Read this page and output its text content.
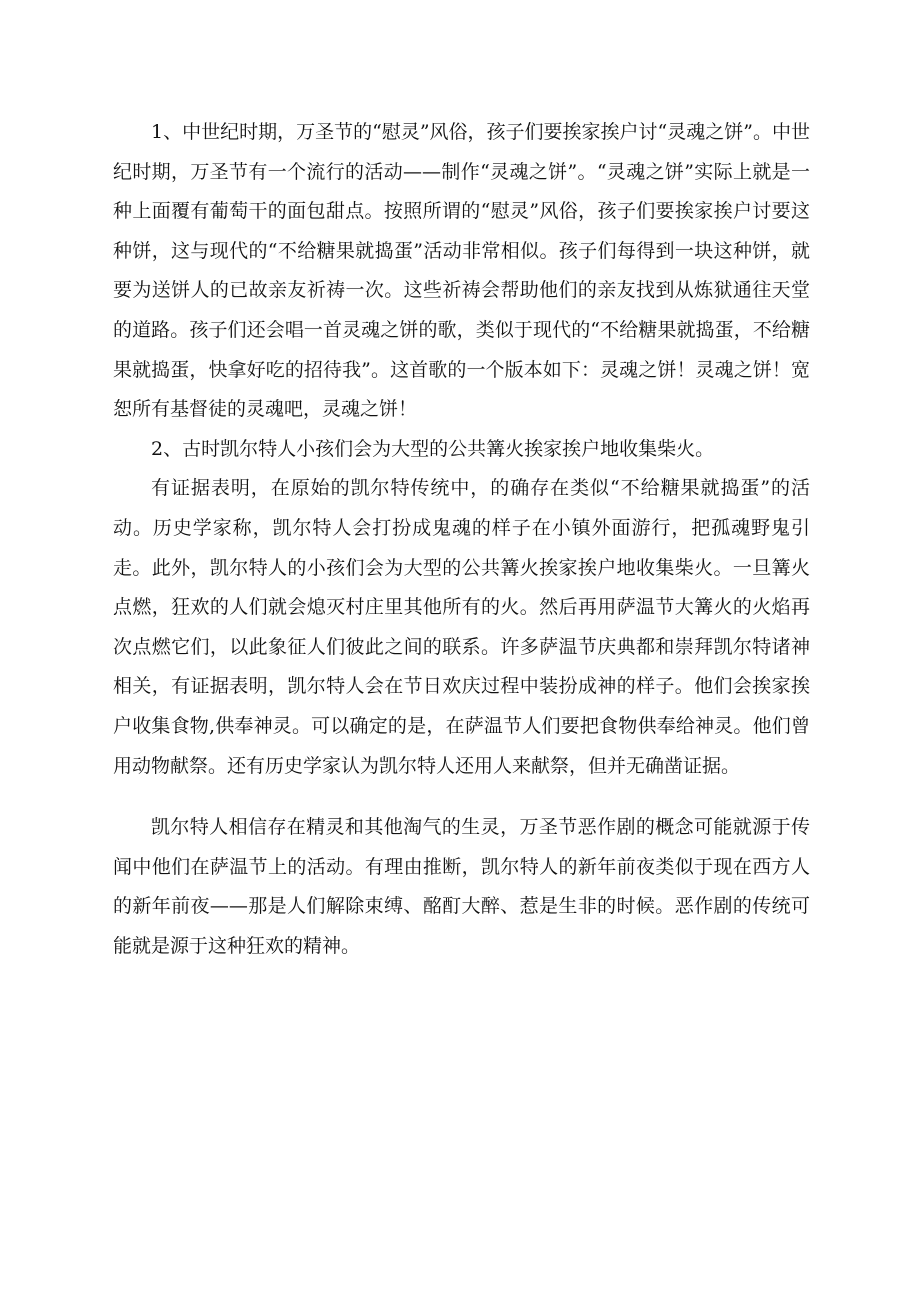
1、中世纪时期，万圣节的“慰灵”风俗，孩子们要挨家挨户讨“灵魂之饼”。中世纪时期，万圣节有一个流行的活动——制作“灵魂之饼”。“灵魂之饼”实际上就是一种上面覆有葡萄干的面包甜点。按照所谓的“慰灵”风俗，孩子们要挨家挨户讨要这种饼，这与现代的“不给糖果就捣蛋”活动非常相似。孩子们每得到一块这种饼，就要为送饼人的已故亲友祈祷一次。这些祈祷会帮助他们的亲友找到从炼狱通往天堂的道路。孩子们还会唱一首灵魂之饼的歌，类似于现代的“不给糖果就捣蛋，不给糖果就捣蛋，快拿好吃的招待我”。这首歌的一个版本如下：灵魂之饼！灵魂之饼！宽恕所有基督徒的灵魂吧，灵魂之饼！

2、古时凯尔特人小孩们会为大型的公共篝火挨家挨户地收集柴火。

有证据表明，在原始的凯尔特传统中，的确存在类似“不给糖果就捣蛋”的活动。历史学家称，凯尔特人会打扮成鬼魂的样子在小镇外面游行，把孤魂野鬼引走。此外，凯尔特人的小孩们会为大型的公共篝火挨家挨户地收集柴火。一旦篝火点燃，狂欢的人们就会熄灭村庄里其他所有的火。然后再用萨温节大篝火的火焰再次点燃它们，以此象征人们彼此之间的联系。许多萨温节庆典都和崇拜凯尔特诸神相关，有证据表明，凯尔特人会在节日欢庆过程中装扮成神的样子。他们会挨家挨户收集食物,供奉神灵。可以确定的是，在萨温节人们要把食物供奉给神灵。他们曾用动物献祭。还有历史学家认为凯尔特人还用人来献祭，但并无确凿证据。

凯尔特人相信存在精灵和其他淘气的生灵，万圣节恶作剧的概念可能就源于传闻中他们在萨温节上的活动。有理由推断，凯尔特人的新年前夜类似于现在西方人的新年前夜——那是人们解除束缚、酩酊大醉、惹是生非的时候。恶作剧的传统可能就是源于这种狂欢的精神。
